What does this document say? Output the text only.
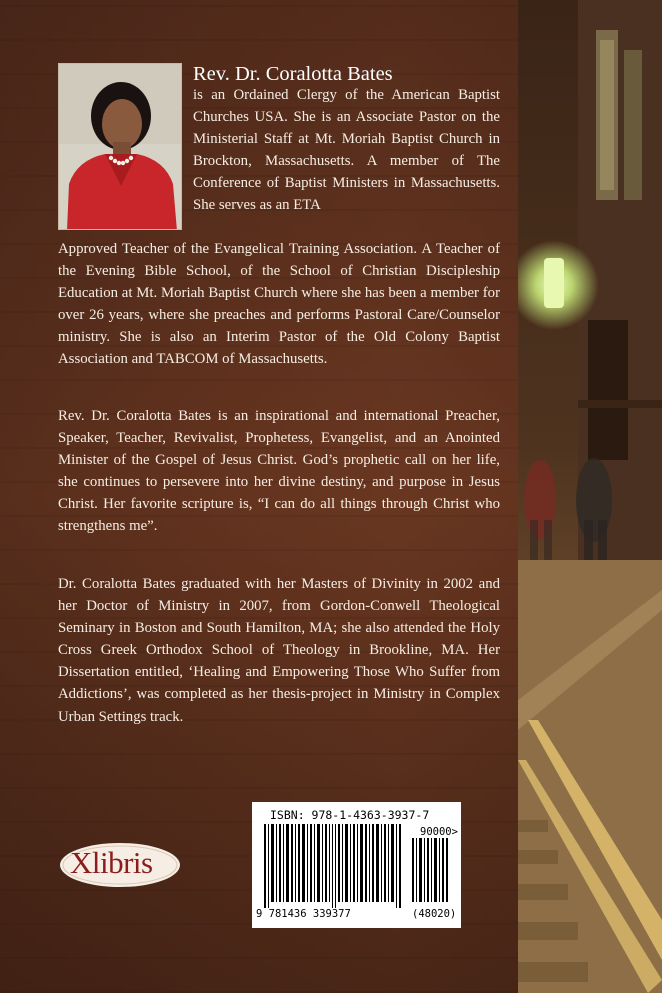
Rev. Dr. Coralotta Bates

is an Ordained Clergy of the American Baptist Churches USA. She is an Associate Pastor on the Ministerial Staff at Mt. Moriah Baptist Church in Brockton, Massachusetts. A member of The Conference of Baptist Ministers in Massachusetts. She serves as an ETA

Approved Teacher of the Evangelical Training Association. A Teacher of the Evening Bible School, of the School of Christian Discipleship Education at Mt. Moriah Baptist Church where she has been a member for over 26 years, where she preaches and performs Pastoral Care/Counselor ministry. She is also an Interim Pastor of the Old Colony Baptist Association and TABCOM of Massachusetts.

Rev. Dr. Coralotta Bates is an inspirational and international Preacher, Speaker, Teacher, Revivalist, Prophetess, Evangelist, and an Anointed Minister of the Gospel of Jesus Christ. God’s prophetic call on her life, she continues to persevere into her divine destiny, and purpose in Jesus Christ. Her favorite scripture is, “I can do all things through Christ who strengthens me”.

Dr. Coralotta Bates graduated with her Masters of Divinity in 2002 and her Doctor of Ministry in 2007, from Gordon-Conwell Theological Seminary in Boston and South Hamilton, MA; she also attended the Holy Cross Greek Orthodox School of Theology in Brookline, MA. Her Dissertation entitled, ‘Healing and Empowering Those Who Suffer from Addictions’, was completed as her thesis-project in Ministry in Complex Urban Settings track.

ISBN: 978-1-4363-3937-7

90000>

9 781436 339377	(48020)

Xlibris
